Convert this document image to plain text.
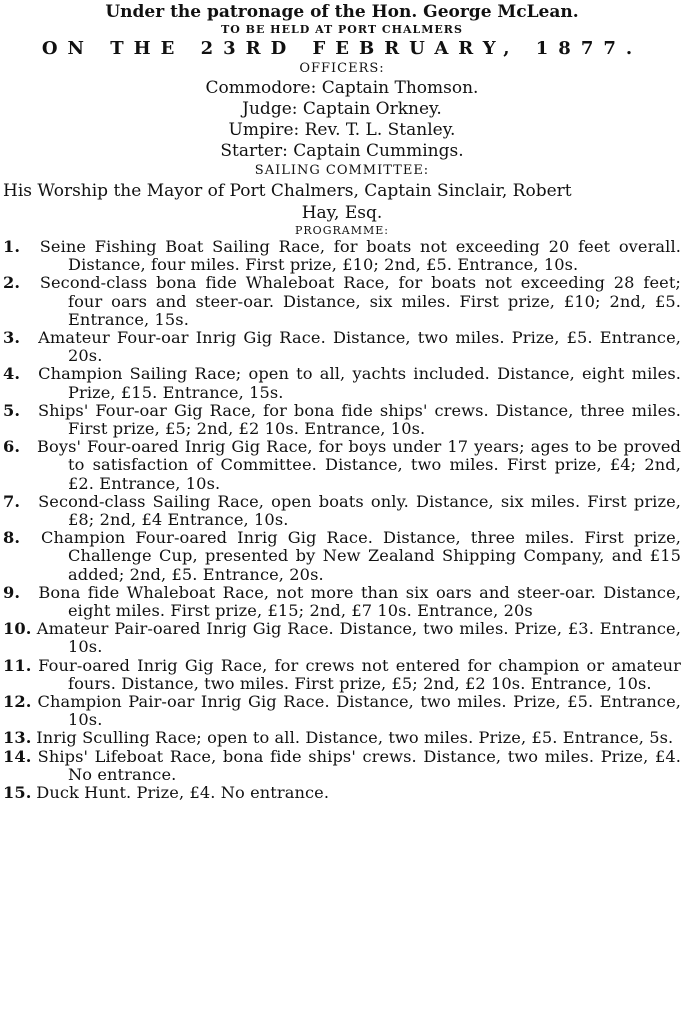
Under the patronage of the Hon. George McLean.
TO BE HELD AT PORT CHALMERS
ON THE 23RD FEBRUARY, 1877.
OFFICERS:
Commodore: Captain Thomson.
Judge: Captain Orkney.
Umpire: Rev. T. L. Stanley.
Starter: Captain Cummings.
SAILING COMMITTEE:
His Worship the Mayor of Port Chalmers, Captain Sinclair, Robert
Hay, Esq.
PROGRAMME:
1. Seine Fishing Boat Sailing Race, for boats not exceeding 20 feet overall. Distance, four miles. First prize, £10; 2nd, £5. Entrance, 10s.
2. Second-class bona fide Whaleboat Race, for boats not exceeding 28 feet; four oars and steer-oar. Distance, six miles. First prize, £10; 2nd, £5. Entrance, 15s.
3. Amateur Four-oar Inrig Gig Race. Distance, two miles. Prize, £5. Entrance, 20s.
4. Champion Sailing Race; open to all, yachts included. Distance, eight miles. Prize, £15. Entrance, 15s.
5. Ships' Four-oar Gig Race, for bona fide ships' crews. Distance, three miles. First prize, £5; 2nd, £2 10s. Entrance, 10s.
6. Boys' Four-oared Inrig Gig Race, for boys under 17 years; ages to be proved to satisfaction of Committee. Distance, two miles. First prize, £4; 2nd, £2. Entrance, 10s.
7. Second-class Sailing Race, open boats only. Distance, six miles. First prize, £8; 2nd, £4 Entrance, 10s.
8. Champion Four-oared Inrig Gig Race. Distance, three miles. First prize, Challenge Cup, presented by New Zealand Shipping Company, and £15 added; 2nd, £5. Entrance, 20s.
9. Bona fide Whaleboat Race, not more than six oars and steer-oar. Distance, eight miles. First prize, £15; 2nd, £7 10s. Entrance, 20s
10. Amateur Pair-oared Inrig Gig Race. Distance, two miles. Prize, £3. Entrance, 10s.
11. Four-oared Inrig Gig Race, for crews not entered for champion or amateur fours. Distance, two miles. First prize, £5; 2nd, £2 10s. Entrance, 10s.
12. Champion Pair-oar Inrig Gig Race. Distance, two miles. Prize, £5. Entrance, 10s.
13. Inrig Sculling Race; open to all. Distance, two miles. Prize, £5. Entrance, 5s.
14. Ships' Lifeboat Race, bona fide ships' crews. Distance, two miles. Prize, £4. No entrance.
15. Duck Hunt. Prize, £4. No entrance.
